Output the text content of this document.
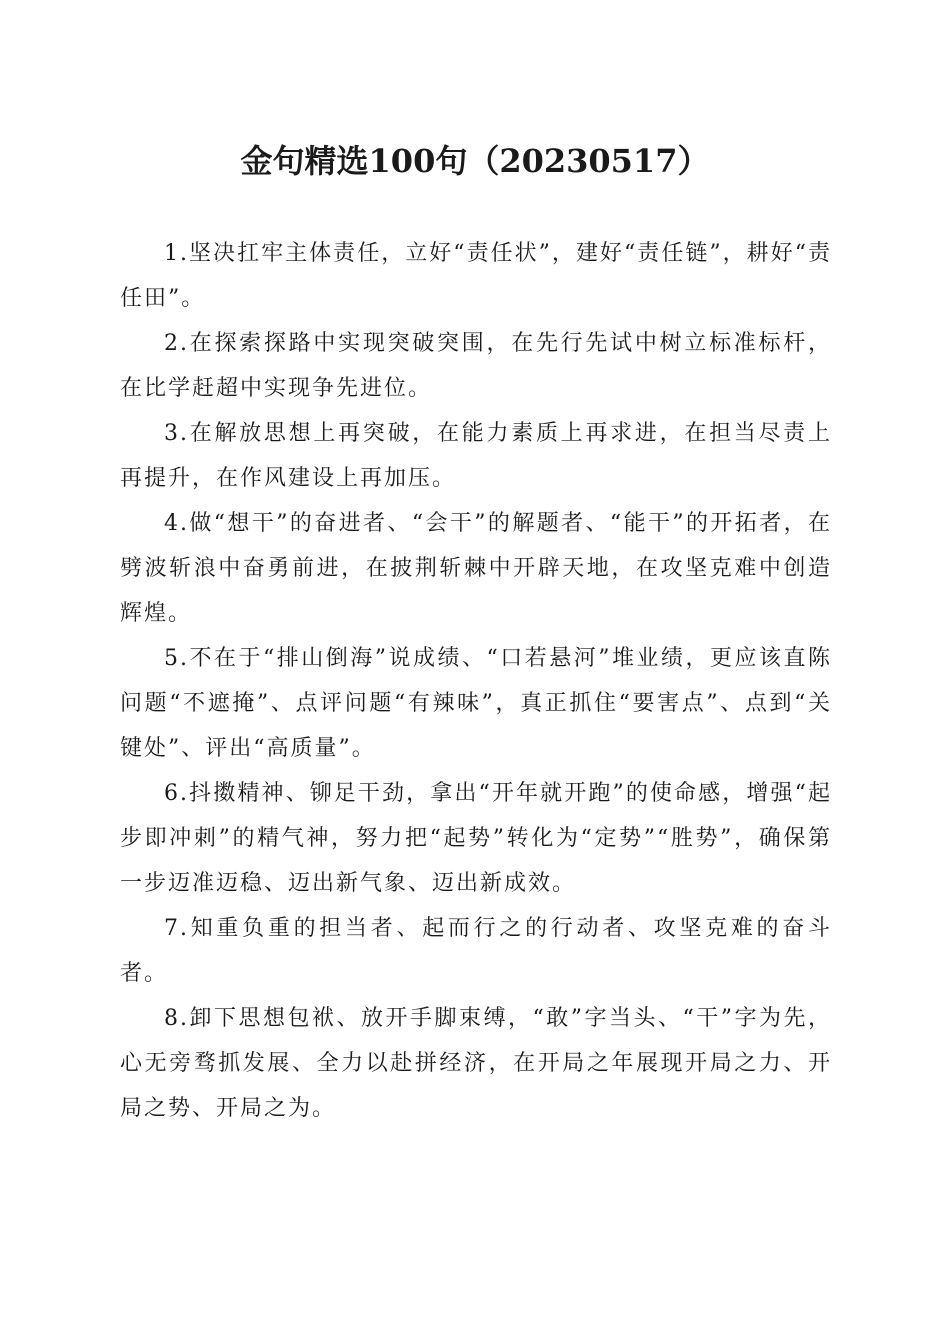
金句精选100句（20230517）

1.坚决扛牢主体责任，立好“责任状”，建好“责任链”，耕好“责任田”。

2.在探索探路中实现突破突围，在先行先试中树立标准标杆，在比学赶超中实现争先进位。

3.在解放思想上再突破，在能力素质上再求进，在担当尽责上再提升，在作风建设上再加压。

4.做“想干”的奋进者、“会干”的解题者、“能干”的开拓者，在劈波斩浪中奋勇前进，在披荆斩棘中开辟天地，在攻坚克难中创造辉煌。

5.不在于“排山倒海”说成绩、“口若悬河”堆业绩，更应该直陈问题“不遮掩”、点评问题“有辣味”，真正抓住“要害点”、点到“关键处”、评出“高质量”。

6.抖擞精神、铆足干劲，拿出“开年就开跑”的使命感，增强“起步即冲刺”的精气神，努力把“起势”转化为“定势”“胜势”，确保第一步迈准迈稳、迈出新气象、迈出新成效。

7.知重负重的担当者、起而行之的行动者、攻坚克难的奋斗者。

8.卸下思想包袱、放开手脚束缚，“敢”字当头、“干”字为先，心无旁骛抓发展、全力以赴拼经济，在开局之年展现开局之力、开局之势、开局之为。
